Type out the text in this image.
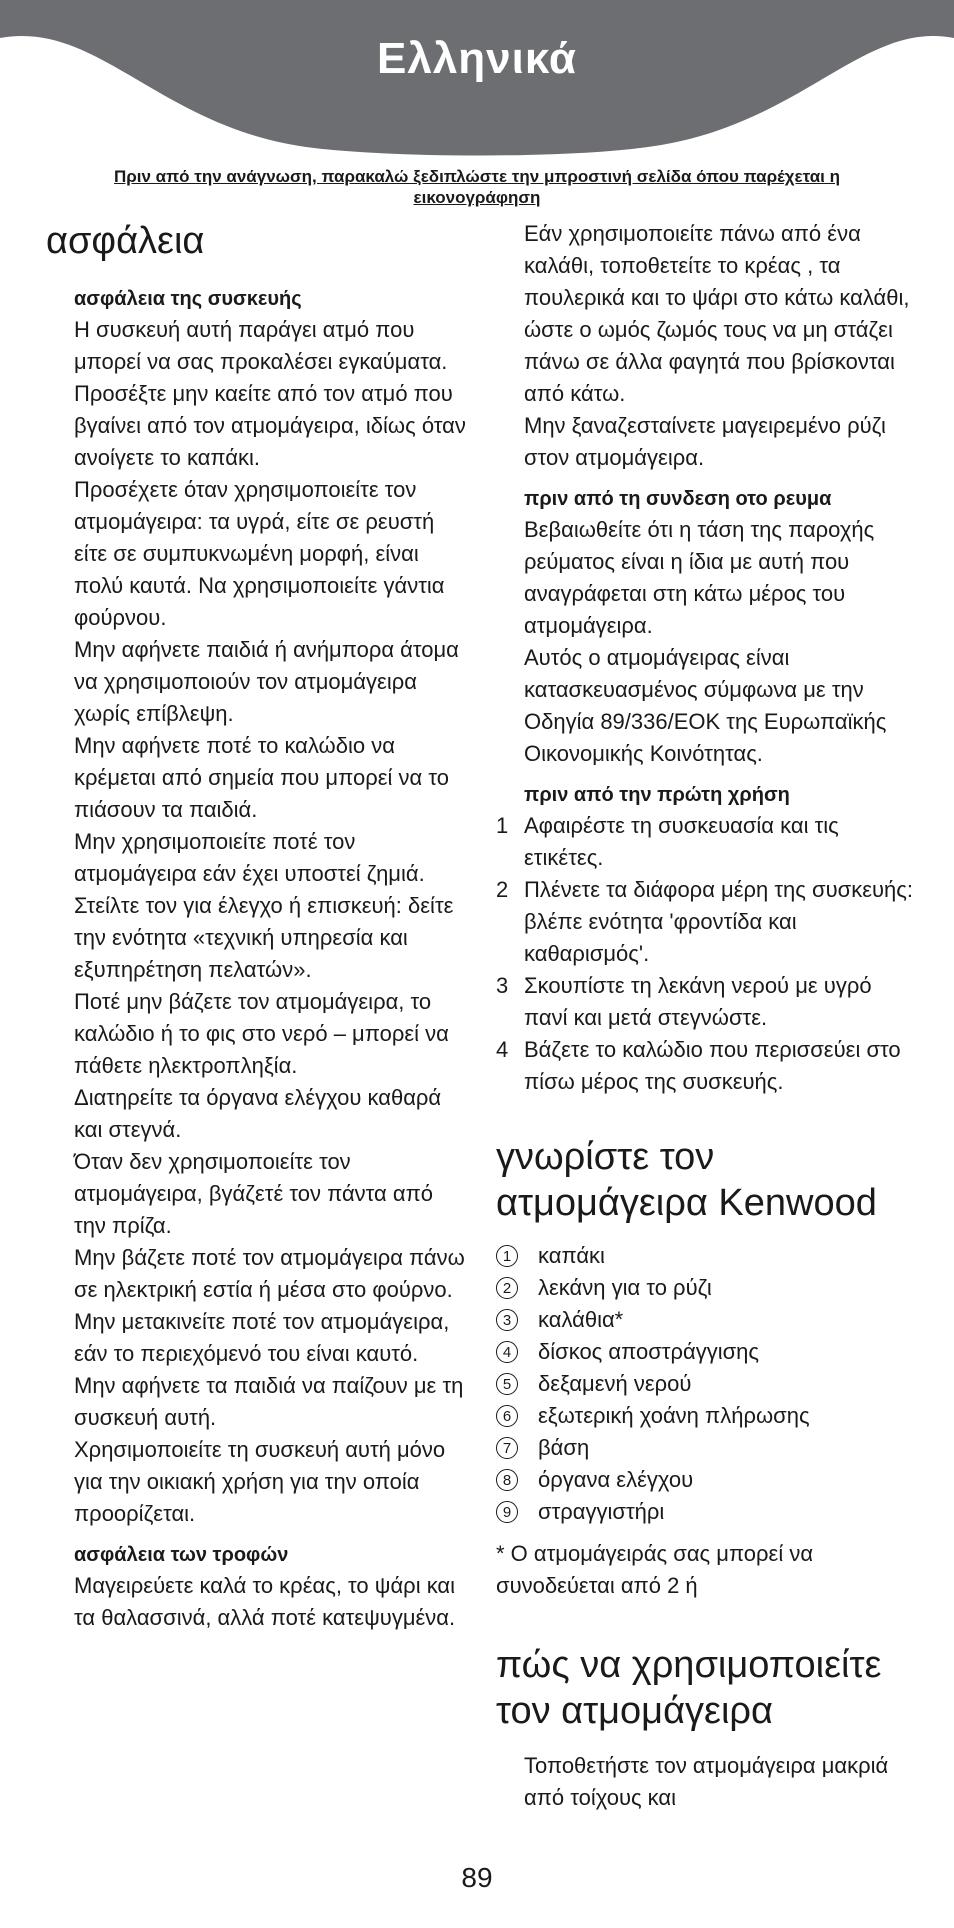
Ελληνικά
Πριν από την ανάγνωση, παρακαλώ ξεδιπλώστε την μπροστινή σελίδα όπου παρέχεται η εικονογράφηση
ασφάλεια
ασφάλεια της συσκευής

Η συσκευή αυτή παράγει ατμό που μπορεί να σας προκαλέσει εγκαύματα.

Προσέξτε μην καείτε από τον ατμό που βγαίνει από τον ατμομάγειρα, ιδίως όταν ανοίγετε το καπάκι.

Προσέχετε όταν χρησιμοποιείτε τον ατμομάγειρα: τα υγρά, είτε σε ρευστή είτε σε συμπυκνωμένη μορφή, είναι πολύ καυτά. Να χρησιμοποιείτε γάντια φούρνου.

Μην αφήνετε παιδιά ή ανήμπορα άτομα να χρησιμοποιούν τον ατμομάγειρα χωρίς επίβλεψη.

Μην αφήνετε ποτέ το καλώδιο να κρέμεται από σημεία που μπορεί να το πιάσουν τα παιδιά.

Μην χρησιμοποιείτε ποτέ τον ατμομάγειρα εάν έχει υποστεί ζημιά. Στείλτε τον για έλεγχο ή επισκευή: δείτε την ενότητα «τεχνική υπηρεσία και εξυπηρέτηση πελατών».

Ποτέ μην βάζετε τον ατμομάγειρα, το καλώδιο ή το φις στο νερό – μπορεί να πάθετε ηλεκτροπληξία.

Διατηρείτε τα όργανα ελέγχου καθαρά και στεγνά.

Όταν δεν χρησιμοποιείτε τον ατμομάγειρα, βγάζετέ τον πάντα από την πρίζα.

Μην βάζετε ποτέ τον ατμομάγειρα πάνω σε ηλεκτρική εστία ή μέσα στο φούρνο.

Μην μετακινείτε ποτέ τον ατμομάγειρα, εάν το περιεχόμενό του είναι καυτό.

Μην αφήνετε τα παιδιά να παίζουν με τη συσκευή αυτή.

Χρησιμοποιείτε τη συσκευή αυτή μόνο για την οικιακή χρήση για την οποία προορίζεται.

ασφάλεια των τροφών

Μαγειρεύετε καλά το κρέας, το ψάρι και τα θαλασσινά, αλλά ποτέ κατεψυγμένα.

Εάν χρησιμοποιείτε πάνω από ένα καλάθι, τοποθετείτε το κρέας , τα πουλερικά και το ψάρι στο κάτω καλάθι, ώστε ο ωμός ζωμός τους να μη στάζει πάνω σε άλλα φαγητά που βρίσκονται από κάτω.

Μην ξαναζεσταίνετε μαγειρεμένο ρύζι στον ατμομάγειρα.

πριν από τη συνδεση οτο ρευμα

Βεβαιωθείτε ότι η τάση της παροχής ρεύματος είναι η ίδια με αυτή που αναγράφεται στη κάτω μέρος του ατμομάγειρα.

Αυτός ο ατμομάγειρας είναι κατασκευασμένος σύμφωνα με την Οδηγία 89/336/ΕΟΚ της Ευρωπαϊκής Οικονομικής Κοινότητας.

πριν από την πρώτη χρήση
1 Αφαιρέστε τη συσκευασία και τις ετικέτες.
2 Πλένετε τα διάφορα μέρη της συσκευής: βλέπε ενότητα 'φροντίδα και καθαρισμός'.
3 Σκουπίστε τη λεκάνη νερού με υγρό πανί και μετά στεγνώστε.
4 Βάζετε το καλώδιο που περισσεύει στο πίσω μέρος της συσκευής.
γνωρίστε τον
ατμομάγειρα Kenwood
1	καπάκι
2	λεκάνη για το ρύζι
3	καλάθια*
4	δίσκος αποστράγγισης
5	δεξαμενή νερού
6	εξωτερική χοάνη πλήρωσης
7	βάση
8	όργανα ελέγχου
9	στραγγιστήρι

* Ο ατμομάγειράς σας μπορεί να συνοδεύεται από 2 ή

πώς να χρησιμοποιείτε
τον ατμομάγειρα

Τοποθετήστε τον ατμομάγειρα μακριά από τοίχους και

89
